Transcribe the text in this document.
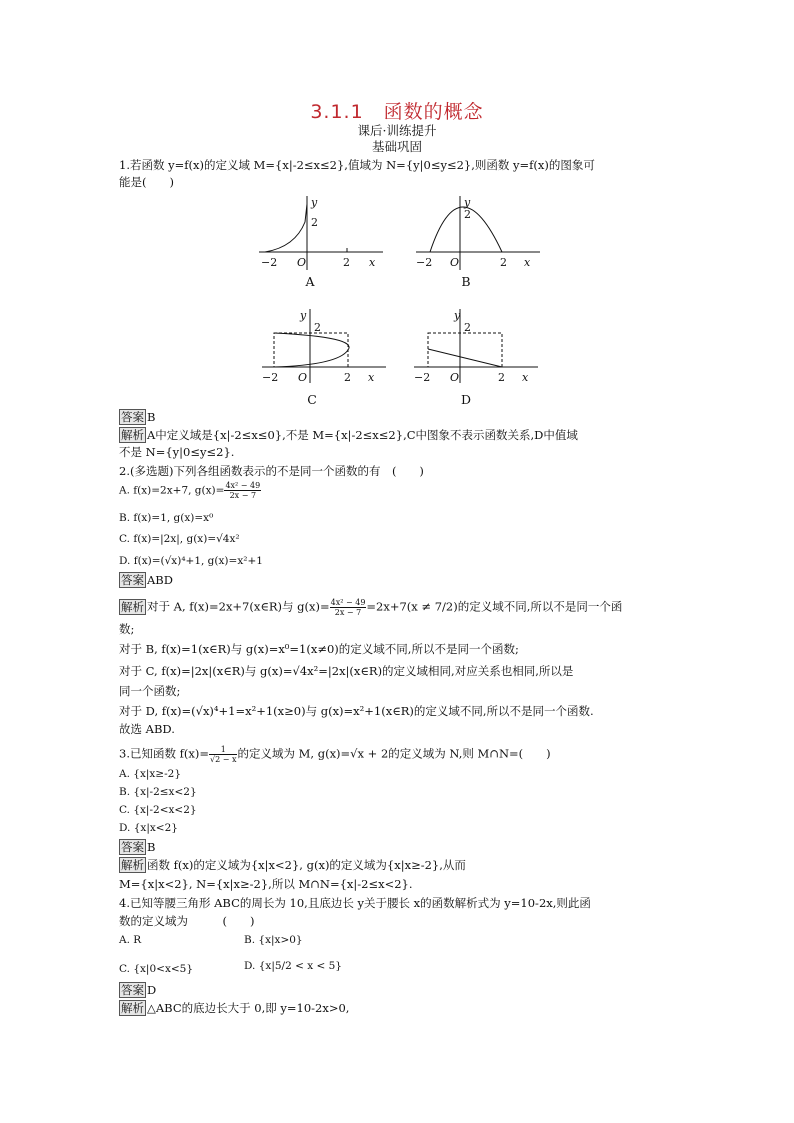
3.1.1　函数的概念
课后·训练提升
基础巩固
1.若函数 y=f(x)的定义域 M={x|-2≤x≤2},值域为 N={y|0≤y≤2},则函数 y=f(x)的图象可
能是(　　)
y
2
−2 O	2 x
A
y
2
−2 O	2 x
B
y
2
−2 O	2 x
C
y
2
−2 O	2 x
D
答案 B
解析 A中定义域是{x|-2≤x≤0},不是 M={x|-2≤x≤2},C中图象不表示函数关系,D中值域
不是 N={y|0≤y≤2}.
2.(多选题)下列各组函数表示的不是同一个函数的有　(　　)
A. f(x)=2x+7, $g(x)= \frac{\text{4x² − 49}}{2x - 7}$
B. f(x)=1, g(x)=x⁰
C. f(x)=|2x|, g(x)=√4x²
D. f(x)=(√x)⁴+1, g(x)=x²+1
答案 ABD
解析 对于 A, f(x)=2x+7(x∈R)与 $g(x)= \frac{\text{4x² − 49}}{2x - 7} =2x+7(x \ne 7/2)$的定义域不同,所以不是同一个函
数;
对于 B, f(x)=1(x∈R)与 g(x)=x⁰=1(x≠0)的定义域不同,所以不是同一个函数;
对于 C, f(x)=|2x|(x∈R)与 g(x)=√4x²=|2x|(x∈R)的定义域相同,对应关系也相同,所以是
同一个函数;
对于 D, f(x)=(√x)⁴+1=x²+1(x≥0)与 g(x)=x²+1(x∈R)的定义域不同,所以不是同一个函数.
故选 ABD.
3.已知函数 $f(x)= \frac{1}{√2 - x}$ 的定义域为 M, g(x)=√x + 2的定义域为 N,则 M∩N=(　　)
A. {x|x≥-2}
B. {x|-2≤x<2}
C. {x|-2<x<2}
D. {x|x<2}
答案 B
解析 函数 f(x)的定义域为{x|x<2}, g(x)的定义域为{x|x≥-2},从而
M={x|x<2}, N={x|x≥-2},所以 M∩N={x|-2≤x<2}.
4.已知等腰三角形 ABC的周长为 10,且底边长 y关于腰长 x的函数解析式为 y=10-2x,则此函
数的定义域为　　　(　　)
A. R	B. {x|x>0}
C. {x|0<x<5}	D. {x|5/2 < x < 5}
答案 D
解析 △ABC的底边长大于 0,即 y=10-2x>0,
